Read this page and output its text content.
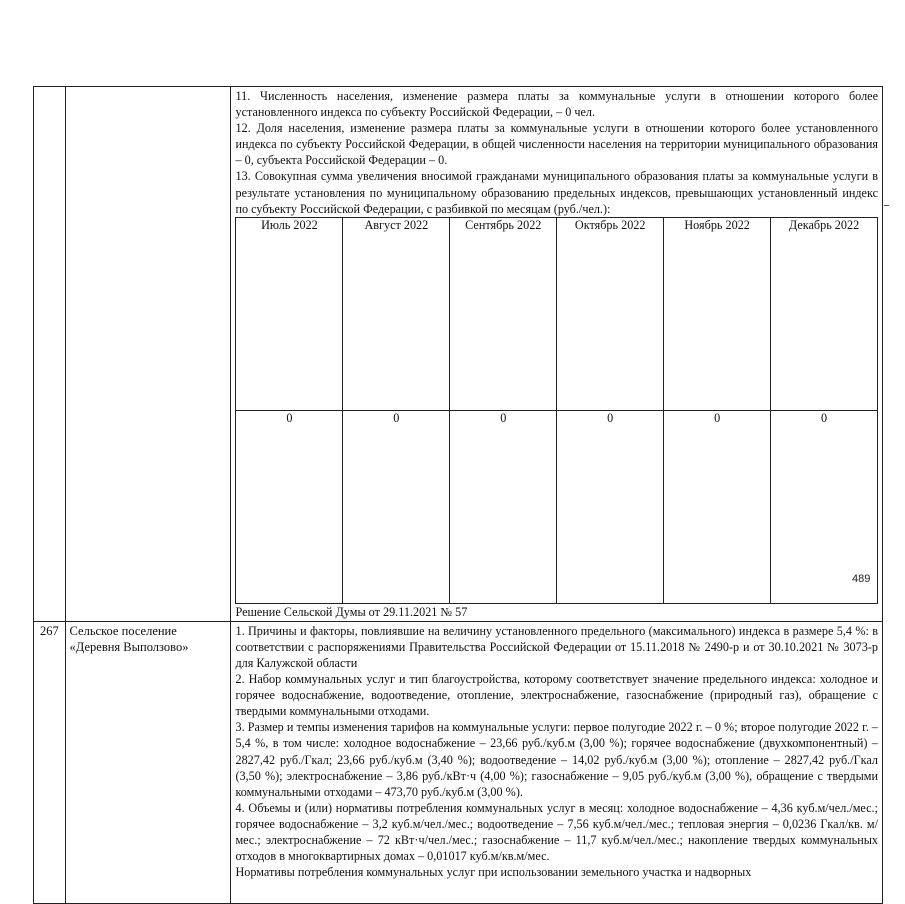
11. Численность населения, изменение размера платы за коммунальные услуги в отношении которого более установленного индекса по субъекту Российской Федерации, – 0 чел.

12. Доля населения, изменение размера платы за коммунальные услуги в отношении которого более установленного индекса по субъекту Российской Федерации, в общей численности населения на территории муниципального образования – 0, субъекта Российской Федерации – 0.

13. Совокупная сумма увеличения вносимой гражданами муниципального образования платы за коммунальные услуги в результате установления по муниципальному образованию предельных индексов, превышающих установленный индекс по субъекту Российской Федерации, с разбивкой по месяцам (руб./чел.):

Июль 2022	Август 2022	Сентябрь 2022	Октябрь 2022	Ноябрь 2022	Декабрь 2022
0	0	0	0	0	0

Решение Сельской Думы от 29.11.2021 № 57

267	Сельское поселение «Деревня Выползово»	

1. Причины и факторы, повлиявшие на величину установленного предельного (максимального) индекса в размере 5,4 %: в соответствии с распоряжениями Правительства Российской Федерации от 15.11.2018 № 2490-р и от 30.10.2021 № 3073-р для Калужской области

2. Набор коммунальных услуг и тип благоустройства, которому соответствует значение предельного индекса: холодное и горячее водоснабжение, водоотведение, отопление, электроснабжение, газоснабжение (природный газ), обращение с твердыми коммунальными отходами.

3. Размер и темпы изменения тарифов на коммунальные услуги: первое полугодие 2022 г. – 0 %; второе полугодие 2022 г. – 5,4 %, в том числе: холодное водоснабжение – 23,66 руб./куб.м (3,00 %); горячее водоснабжение (двухкомпонентный) – 2827,42 руб./Гкал; 23,66 руб./куб.м (3,40 %); водоотведение – 14,02 руб./куб.м (3,00 %); отопление – 2827,42 руб./Гкал (3,50 %); электроснабжение – 3,86 руб./кВт·ч (4,00 %); газоснабжение – 9,05 руб./куб.м (3,00 %), обращение с твердыми коммунальными отходами – 473,70 руб./куб.м (3,00 %).

4. Объемы и (или) нормативы потребления коммунальных услуг в месяц: холодное водоснабжение – 4,36 куб.м/чел./мес.; горячее водоснабжение – 3,2 куб.м/чел./мес.; водоотведение – 7,56 куб.м/чел./мес.; тепловая энергия – 0,0236 Гкал/кв. м/мес.; электроснабжение – 72 кВт·ч/чел./мес.; газоснабжение – 11,7 куб.м/чел./мес.; накопление твердых коммунальных отходов в многоквартирных домах – 0,01017 куб.м/кв.м/мес.

Нормативы потребления коммунальных услуг при использовании земельного участка и надворных

489
